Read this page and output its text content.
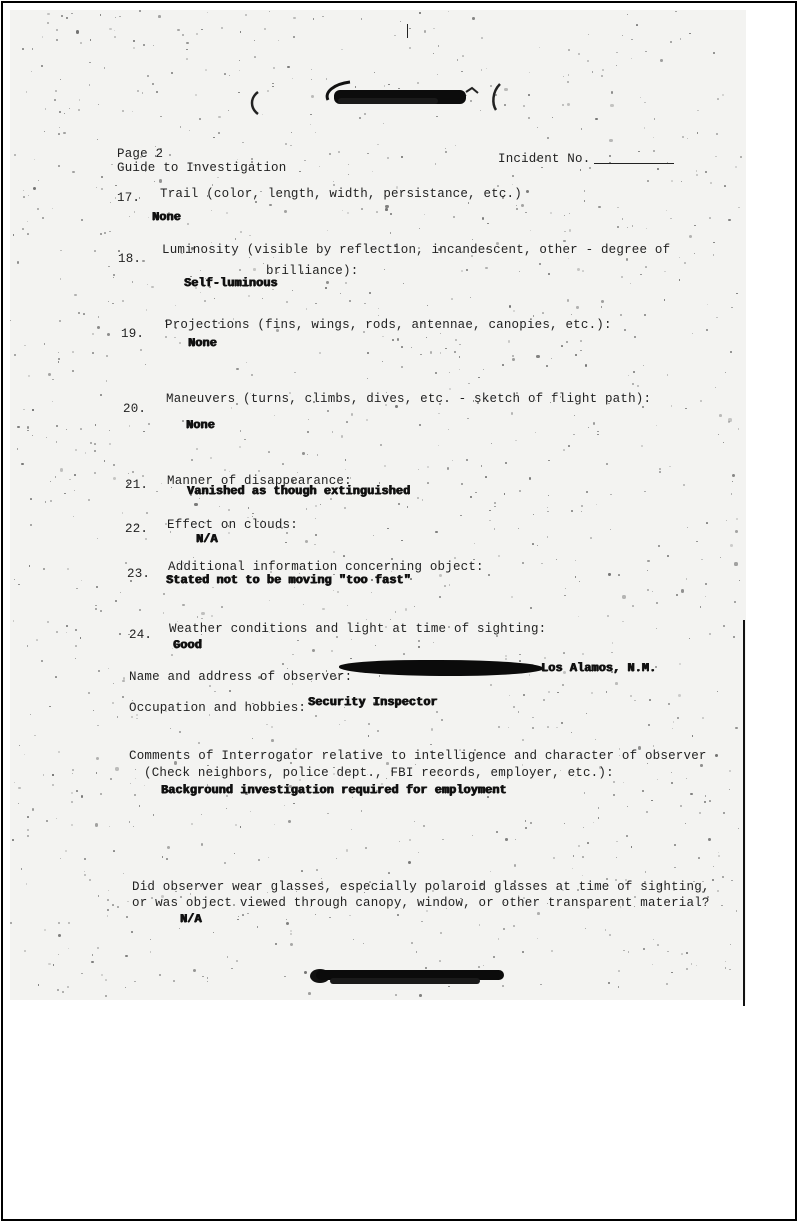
Page 2
Guide to Investigation
Incident No.
17. Trail (color, length, width, persistance, etc.)
None
18.
Luminosity (visible by reflection, incandescent, other - degree of
brilliance):
Self-luminous
19.
Projections (fins, wings, rods, antennae, canopies, etc.):
None
20.
Maneuvers (turns, climbs, dives, etc. - sketch of flight path):
None
21. Manner of disappearance:
Vanished as though extinguished
22. Effect on clouds:
N/A
23. Additional information concerning object:
Stated not to be moving "too fast"
24. Weather conditions and light at time of sighting:
Good
Name and address of observer:
Los Alamos, N.M.
Occupation and hobbies: Security Inspector
Comments of Interrogator relative to intelligence and character of observer
(Check neighbors, police dept., FBI records, employer, etc.):
Background investigation required for employment
Did observer wear glasses, especially polaroid glasses at time of sighting,
or was object viewed through canopy, window, or other transparent material?
N/A
